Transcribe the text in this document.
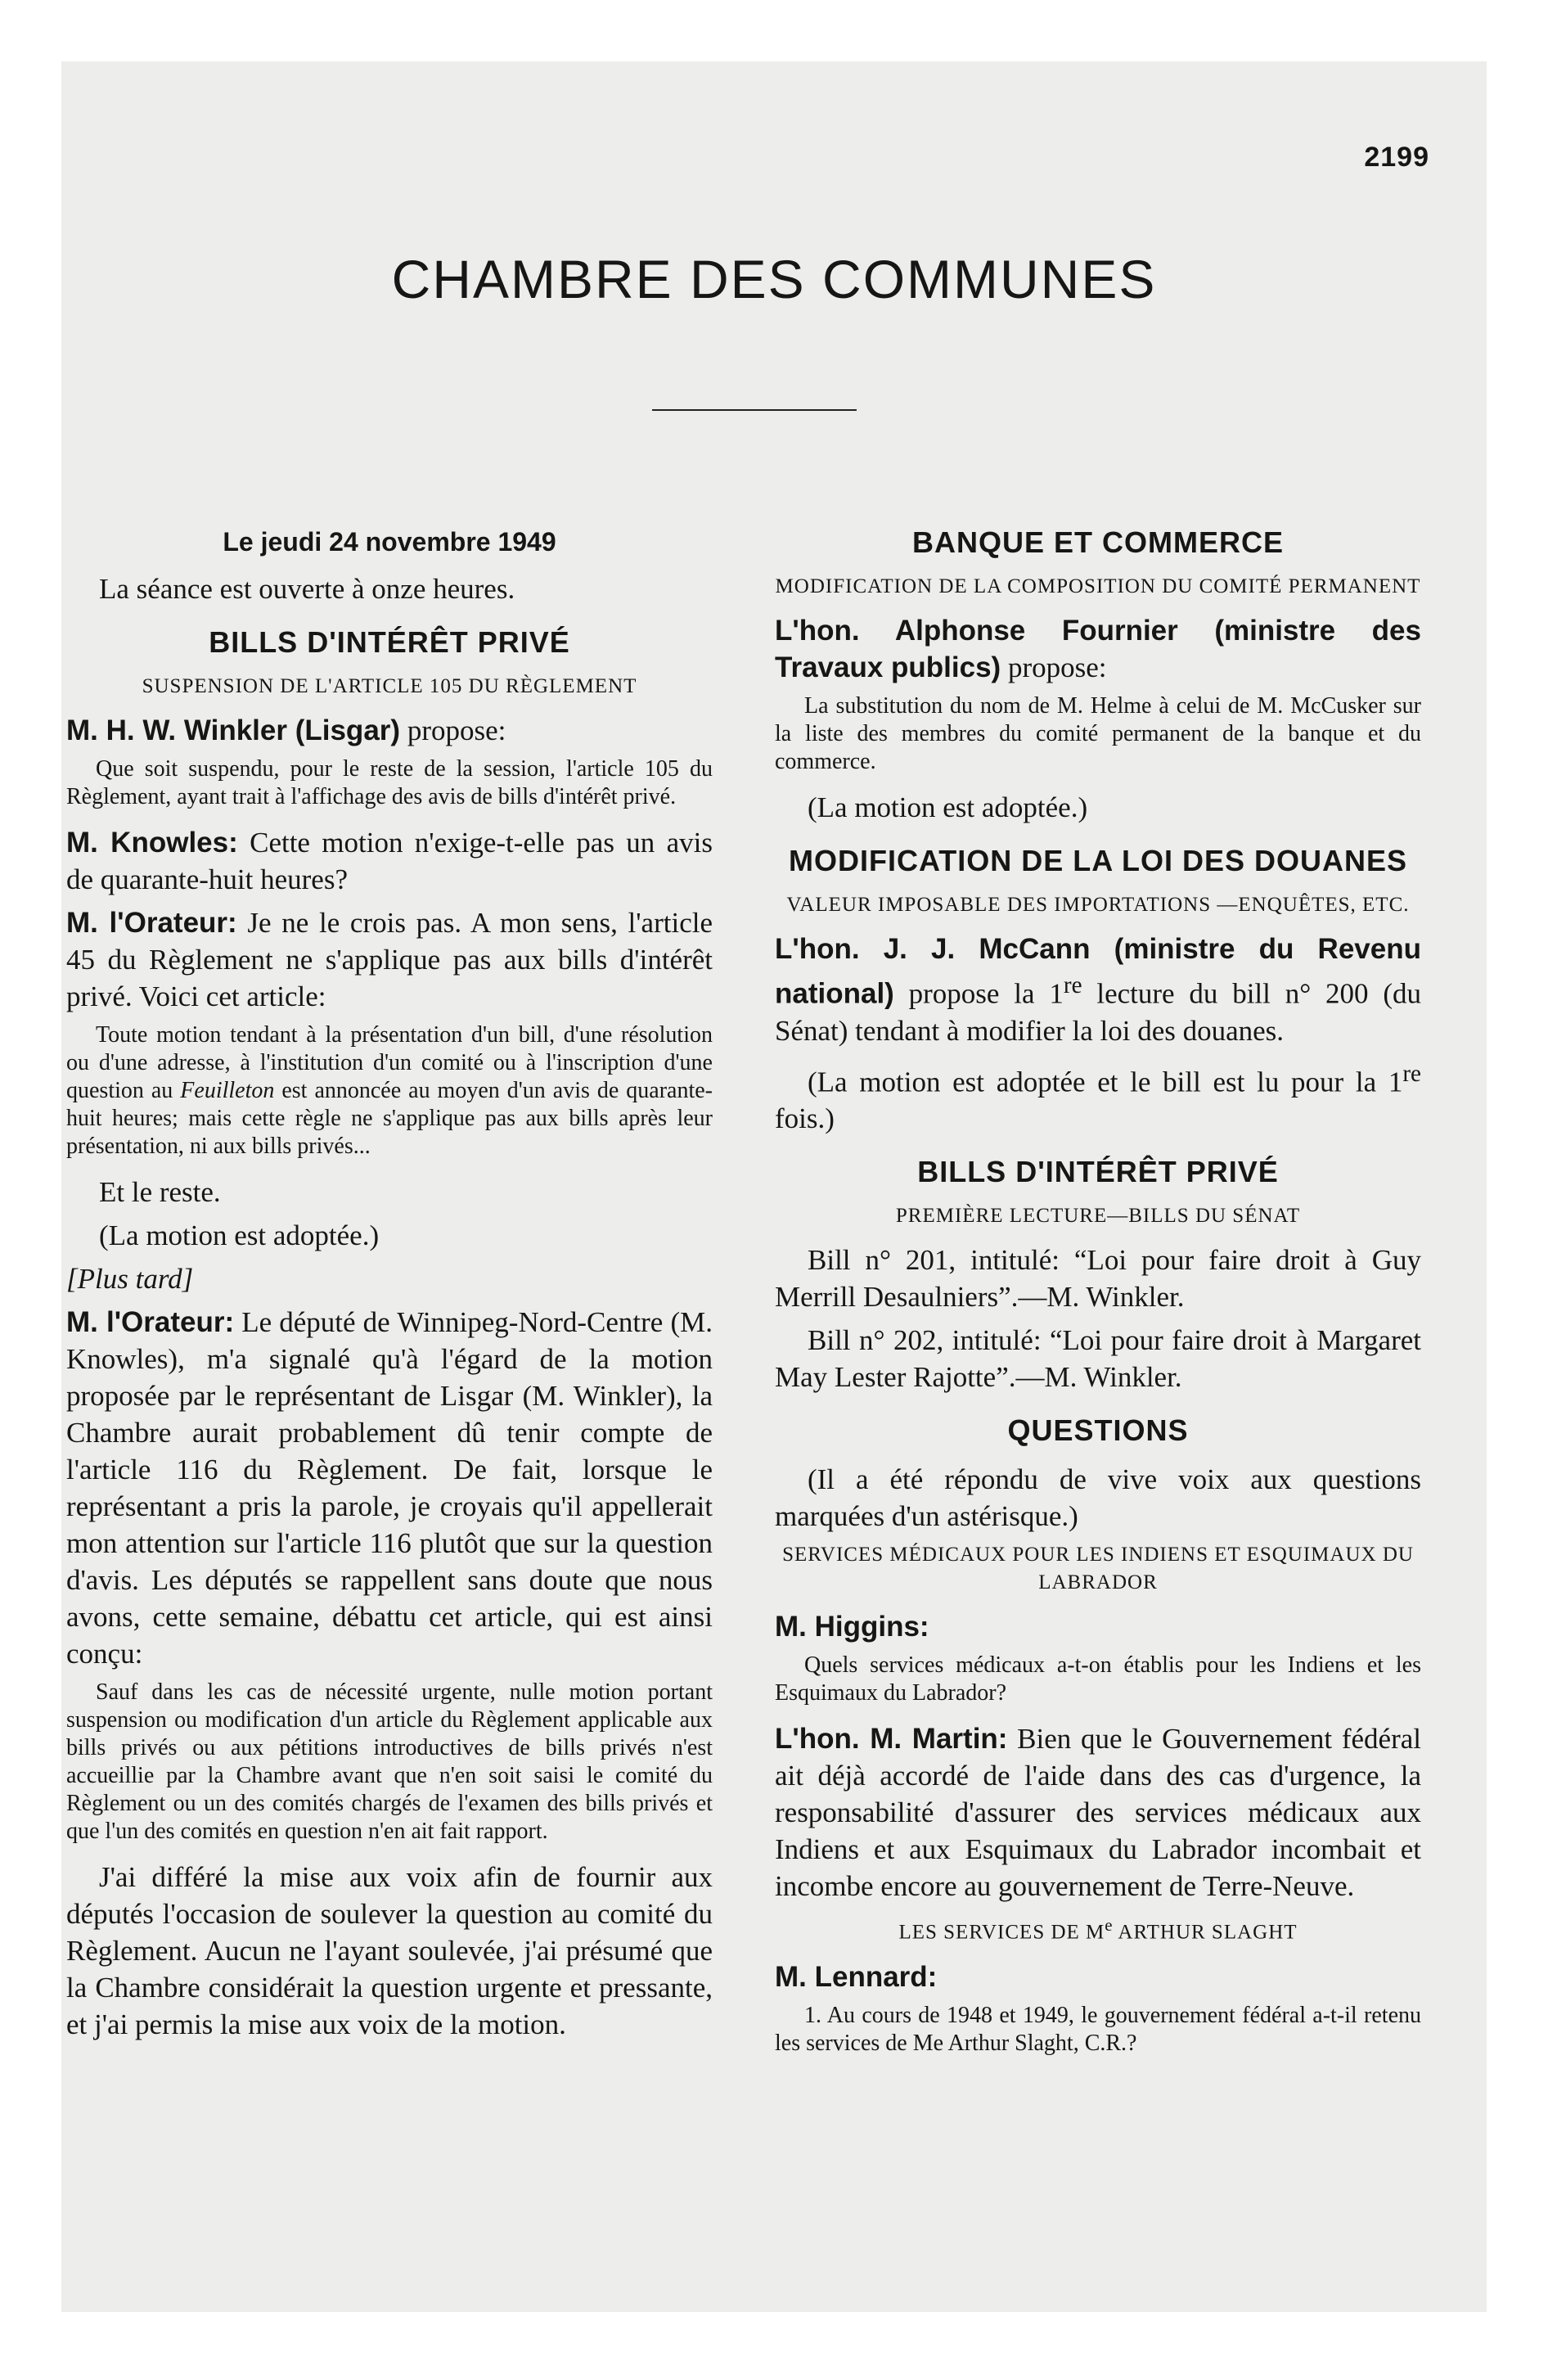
2199
CHAMBRE DES COMMUNES
Le jeudi 24 novembre 1949

La séance est ouverte à onze heures.

BILLS D'INTÉRÊT PRIVÉ
SUSPENSION DE L'ARTICLE 105 DU RÈGLEMENT

M. H. W. Winkler (Lisgar) propose:

Que soit suspendu, pour le reste de la session, l'article 105 du Règlement, ayant trait à l'affichage des avis de bills d'intérêt privé.

M. Knowles: Cette motion n'exige-t-elle pas un avis de quarante-huit heures?

M. l'Orateur: Je ne le crois pas. A mon sens, l'article 45 du Règlement ne s'applique pas aux bills d'intérêt privé. Voici cet article:

Toute motion tendant à la présentation d'un bill, d'une résolution ou d'une adresse, à l'institution d'un comité ou à l'inscription d'une question au Feuilleton est annoncée au moyen d'un avis de quarante-huit heures; mais cette règle ne s'applique pas aux bills après leur présentation, ni aux bills privés...

Et le reste.

(La motion est adoptée.)

[Plus tard]

M. l'Orateur: Le député de Winnipeg-Nord-Centre (M. Knowles), m'a signalé qu'à l'égard de la motion proposée par le représentant de Lisgar (M. Winkler), la Chambre aurait probablement dû tenir compte de l'article 116 du Règlement. De fait, lorsque le représentant a pris la parole, je croyais qu'il appellerait mon attention sur l'article 116 plutôt que sur la question d'avis. Les députés se rappellent sans doute que nous avons, cette semaine, débattu cet article, qui est ainsi conçu:

Sauf dans les cas de nécessité urgente, nulle motion portant suspension ou modification d'un article du Règlement applicable aux bills privés ou aux pétitions introductives de bills privés n'est accueillie par la Chambre avant que n'en soit saisi le comité du Règlement ou un des comités chargés de l'examen des bills privés et que l'un des comités en question n'en ait fait rapport.

J'ai différé la mise aux voix afin de fournir aux députés l'occasion de soulever la question au comité du Règlement. Aucun ne l'ayant soulevée, j'ai présumé que la Chambre considérait la question urgente et pressante, et j'ai permis la mise aux voix de la motion.

BANQUE ET COMMERCE
MODIFICATION DE LA COMPOSITION DU COMITÉ PERMANENT

L'hon. Alphonse Fournier (ministre des Travaux publics) propose:

La substitution du nom de M. Helme à celui de M. McCusker sur la liste des membres du comité permanent de la banque et du commerce.

(La motion est adoptée.)

MODIFICATION DE LA LOI DES DOUANES
VALEUR IMPOSABLE DES IMPORTATIONS —ENQUÊTES, ETC.

L'hon. J. J. McCann (ministre du Revenu national) propose la 1re lecture du bill n° 200 (du Sénat) tendant à modifier la loi des douanes.

(La motion est adoptée et le bill est lu pour la 1re fois.)

BILLS D'INTÉRÊT PRIVÉ
PREMIÈRE LECTURE—BILLS DU SÉNAT

Bill n° 201, intitulé: “Loi pour faire droit à Guy Merrill Desaulniers”.—M. Winkler.

Bill n° 202, intitulé: “Loi pour faire droit à Margaret May Lester Rajotte”.—M. Winkler.

QUESTIONS

(Il a été répondu de vive voix aux questions marquées d'un astérisque.)

SERVICES MÉDICAUX POUR LES INDIENS ET ESQUIMAUX DU LABRADOR

M. Higgins:

Quels services médicaux a-t-on établis pour les Indiens et les Esquimaux du Labrador?

L'hon. M. Martin: Bien que le Gouvernement fédéral ait déjà accordé de l'aide dans des cas d'urgence, la responsabilité d'assurer des services médicaux aux Indiens et aux Esquimaux du Labrador incombait et incombe encore au gouvernement de Terre-Neuve.

LES SERVICES DE Me ARTHUR SLAGHT

M. Lennard:

1. Au cours de 1948 et 1949, le gouvernement fédéral a-t-il retenu les services de Me Arthur Slaght, C.R.?
